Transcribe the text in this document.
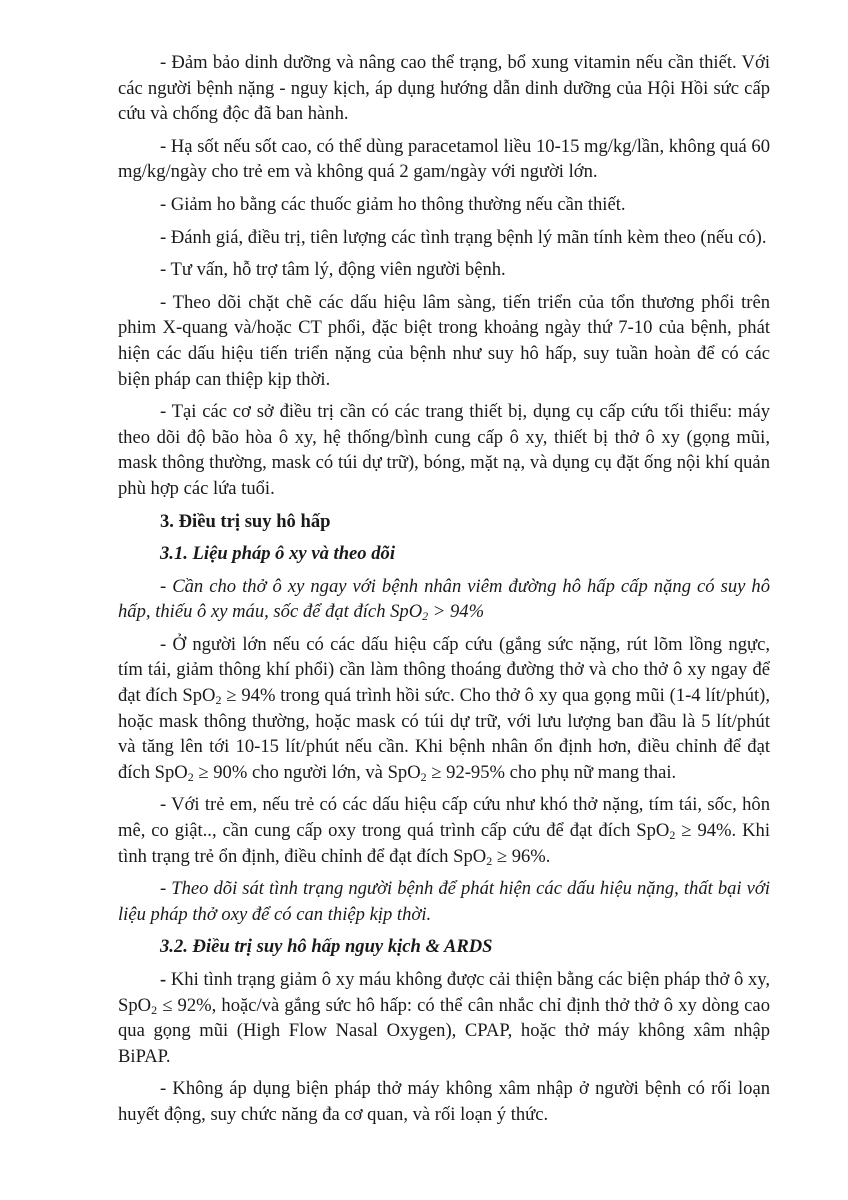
- Đảm bảo dinh dưỡng và nâng cao thể trạng, bổ xung vitamin nếu cần thiết. Với các người bệnh nặng - nguy kịch, áp dụng hướng dẫn dinh dưỡng của Hội Hồi sức cấp cứu và chống độc đã ban hành.

- Hạ sốt nếu sốt cao, có thể dùng paracetamol liều 10-15 mg/kg/lần, không quá 60 mg/kg/ngày cho trẻ em và không quá 2 gam/ngày với người lớn.

- Giảm ho bằng các thuốc giảm ho thông thường nếu cần thiết.

- Đánh giá, điều trị, tiên lượng các tình trạng bệnh lý mãn tính kèm theo (nếu có).

- Tư vấn, hỗ trợ tâm lý, động viên người bệnh.

- Theo dõi chặt chẽ các dấu hiệu lâm sàng, tiến triển của tổn thương phổi trên phim X-quang và/hoặc CT phổi, đặc biệt trong khoảng ngày thứ 7-10 của bệnh, phát hiện các dấu hiệu tiến triển nặng của bệnh như suy hô hấp, suy tuần hoàn để có các biện pháp can thiệp kịp thời.

- Tại các cơ sở điều trị cần có các trang thiết bị, dụng cụ cấp cứu tối thiểu: máy theo dõi độ bão hòa ô xy, hệ thống/bình cung cấp ô xy, thiết bị thở ô xy (gọng mũi, mask thông thường, mask có túi dự trữ), bóng, mặt nạ, và dụng cụ đặt ống nội khí quản phù hợp các lứa tuổi.

3. Điều trị suy hô hấp

3.1. Liệu pháp ô xy và theo dõi

- Cần cho thở ô xy ngay với bệnh nhân viêm đường hô hấp cấp nặng có suy hô hấp, thiếu ô xy máu, sốc để đạt đích SpO$_2$ > 94%

- Ở người lớn nếu có các dấu hiệu cấp cứu (gắng sức nặng, rút lõm lồng ngực, tím tái, giảm thông khí phổi) cần làm thông thoáng đường thở và cho thở ô xy ngay để đạt đích SpO$_2$ ≥ 94% trong quá trình hồi sức. Cho thở ô xy qua gọng mũi (1-4 lít/phút), hoặc mask thông thường, hoặc mask có túi dự trữ, với lưu lượng ban đầu là 5 lít/phút và tăng lên tới 10-15 lít/phút nếu cần. Khi bệnh nhân ổn định hơn, điều chỉnh để đạt đích SpO$_2$ ≥ 90% cho người lớn, và SpO$_2$ ≥ 92-95% cho phụ nữ mang thai.

- Với trẻ em, nếu trẻ có các dấu hiệu cấp cứu như khó thở nặng, tím tái, sốc, hôn mê, co giật.., cần cung cấp oxy trong quá trình cấp cứu để đạt đích SpO$_2$ ≥ 94%. Khi tình trạng trẻ ổn định, điều chỉnh để đạt đích SpO$_2$ ≥ 96%.

- Theo dõi sát tình trạng người bệnh để phát hiện các dấu hiệu nặng, thất bại với liệu pháp thở oxy để có can thiệp kịp thời.

3.2. Điều trị suy hô hấp nguy kịch & ARDS

- Khi tình trạng giảm ô xy máu không được cải thiện bằng các biện pháp thở ô xy, SpO$_2$ ≤ 92%, hoặc/và gắng sức hô hấp: có thể cân nhắc chỉ định thở thở ô xy dòng cao qua gọng mũi (High Flow Nasal Oxygen), CPAP, hoặc thở máy không xâm nhập BiPAP.

- Không áp dụng biện pháp thở máy không xâm nhập ở người bệnh có rối loạn huyết động, suy chức năng đa cơ quan, và rối loạn ý thức.
